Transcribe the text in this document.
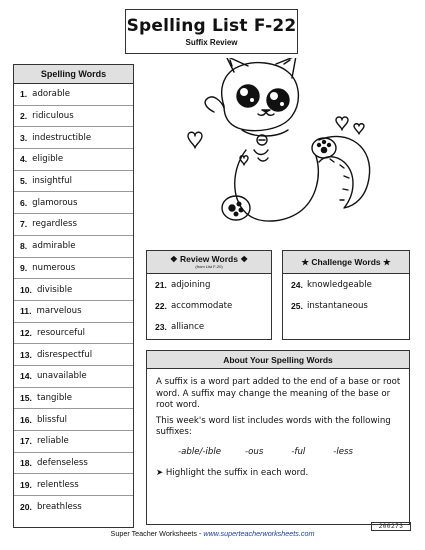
Spelling List F-22
Suffix Review
Spelling Words
1. adorable
2. ridiculous
3. indestructible
4. eligible
5. insightful
6. glamorous
7. regardless
8. admirable
9. numerous
10. divisible
11. marvelous
12. resourceful
13. disrespectful
14. unavailable
15. tangible
16. blissful
17. reliable
18. defenseless
19. relentless
20. breathless
❖ Review Words ❖
(from List F-20)
21. adjoining
22. accommodate
23. alliance
★ Challenge Words ★
24. knowledgeable
25. instantaneous
About Your Spelling Words

A suffix is a word part added to the end of a base or root word. A suffix may change the meaning of the base or root word.

This week's word list includes words with the following suffixes:

-able/-ible	-ous	-ful	-less

➤ Highlight the suffix in each word.

200273
Super Teacher Worksheets - www.superteacherworksheets.com
